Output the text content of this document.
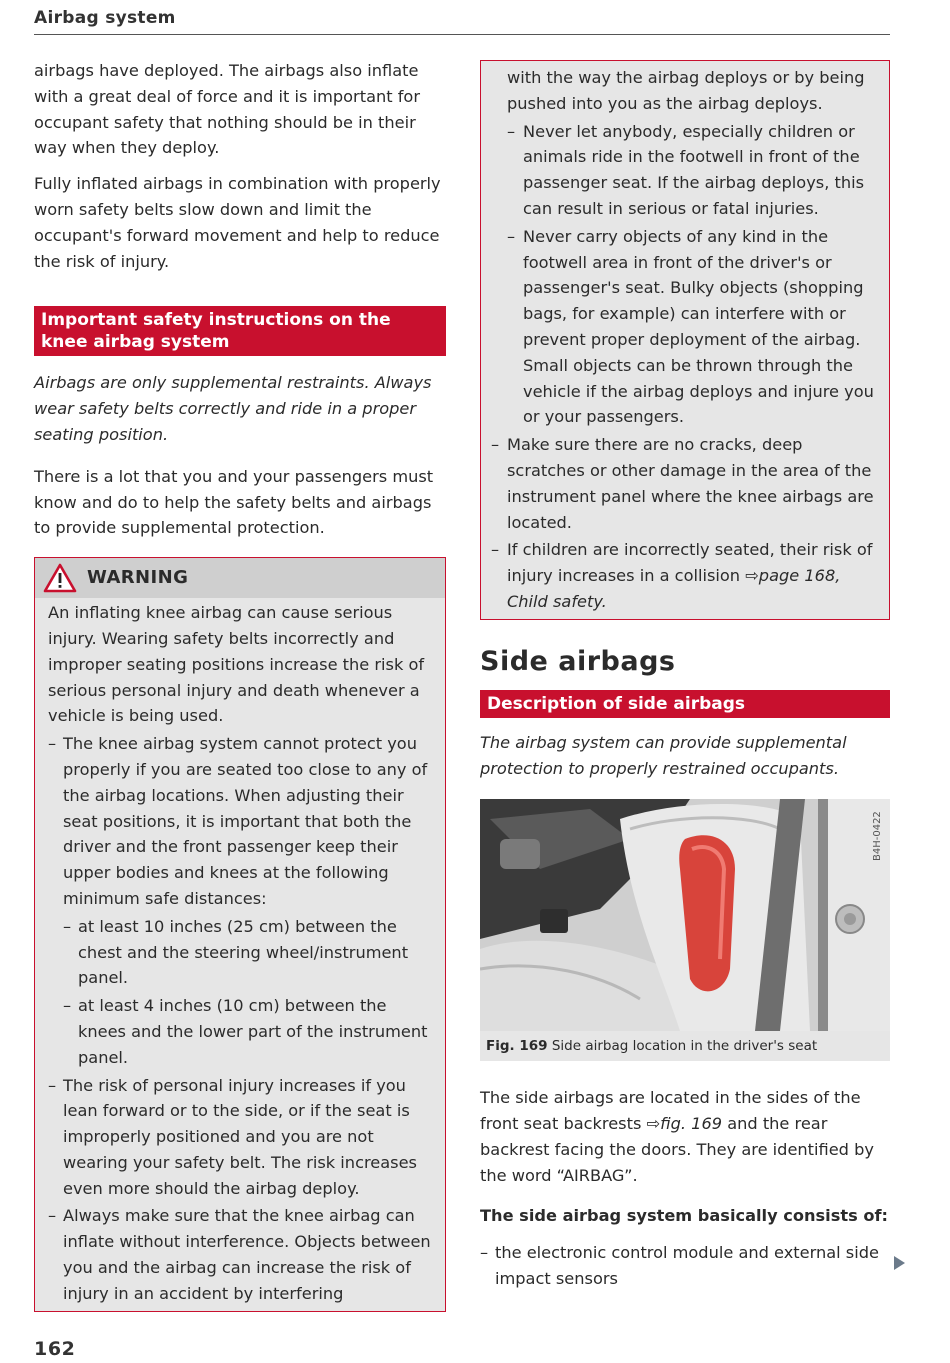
Airbag system

airbags have deployed. The airbags also inflate with a great deal of force and it is important for occupant safety that nothing should be in their way when they deploy.

Fully inflated airbags in combination with properly worn safety belts slow down and limit the occupant's forward movement and help to reduce the risk of injury.

Important safety instructions on the knee airbag system

Airbags are only supplemental restraints. Always wear safety belts correctly and ride in a proper seating position.

There is a lot that you and your passengers must know and do to help the safety belts and airbags to provide supplemental protection.

WARNING

An inflating knee airbag can cause serious injury. Wearing safety belts incorrectly and improper seating positions increase the risk of serious personal injury and death whenever a vehicle is being used.

– The knee airbag system cannot protect you properly if you are seated too close to any of the airbag locations. When adjusting their seat positions, it is important that both the driver and the front passenger keep their upper bodies and knees at the following minimum safe distances:
– at least 10 inches (25 cm) between the chest and the steering wheel/instrument panel.
– at least 4 inches (10 cm) between the knees and the lower part of the instrument panel.
– The risk of personal injury increases if you lean forward or to the side, or if the seat is improperly positioned and you are not wearing your safety belt. The risk increases even more should the airbag deploy.
– Always make sure that the knee airbag can inflate without interference. Objects between you and the airbag can increase the risk of injury in an accident by interfering

with the way the airbag deploys or by being pushed into you as the airbag deploys.

– Never let anybody, especially children or animals ride in the footwell in front of the passenger seat. If the airbag deploys, this can result in serious or fatal injuries.
– Never carry objects of any kind in the footwell area in front of the driver's or passenger's seat. Bulky objects (shopping bags, for example) can interfere with or prevent proper deployment of the airbag. Small objects can be thrown through the vehicle if the airbag deploys and injure you or your passengers.
– Make sure there are no cracks, deep scratches or other damage in the area of the instrument panel where the knee airbags are located.
– If children are incorrectly seated, their risk of injury increases in a collision ⇨page 168, Child safety.
Side airbags
Description of side airbags

The airbag system can provide supplemental protection to properly restrained occupants.

B4H-0422
Fig. 169 Side airbag location in the driver's seat

The side airbags are located in the sides of the front seat backrests ⇨fig. 169 and the rear backrest facing the doors. They are identified by the word “AIRBAG”.

The side airbag system basically consists of:

– the electronic control module and external side impact sensors
162
